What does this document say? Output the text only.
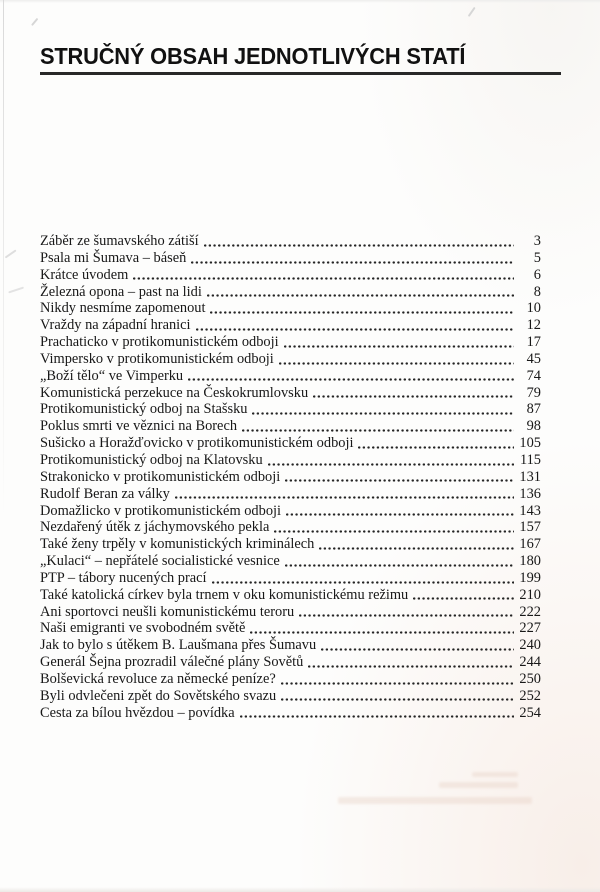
STRUČNÝ OBSAH JEDNOTLIVÝCH STATÍ
Záběr ze šumavského zátiší	3
Psala mi Šumava – báseň	5
Krátce úvodem	6
Železná opona – past na lidi	8
Nikdy nesmíme zapomenout	10
Vraždy na západní hranici	12
Prachaticko v protikomunistickém odboji	17
Vimpersko v protikomunistickém odboji	45
„Boží tělo“ ve Vimperku	74
Komunistická perzekuce na Českokrumlovsku	79
Protikomunistický odboj na Stašsku	87
Poklus smrti ve věznici na Borech	98
Sušicko a Horažďovicko v protikomunistickém odboji	105
Protikomunistický odboj na Klatovsku	115
Strakonicko v protikomunistickém odboji	131
Rudolf Beran za války	136
Domažlicko v protikomunistickém odboji	143
Nezdařený útěk z jáchymovského pekla	157
Také ženy trpěly v komunistických kriminálech	167
„Kulaci“ – nepřátelé socialistické vesnice	180
PTP – tábory nucených prací	199
Také katolická církev byla trnem v oku komunistickému režimu	210
Ani sportovci neušli komunistickému teroru	222
Naši emigranti ve svobodném světě	227
Jak to bylo s útěkem B. Laušmana přes Šumavu	240
Generál Šejna prozradil válečné plány Sovětů	244
Bolševická revoluce za německé peníze?	250
Byli odvlečeni zpět do Sovětského svazu	252
Cesta za bílou hvězdou – povídka	254
